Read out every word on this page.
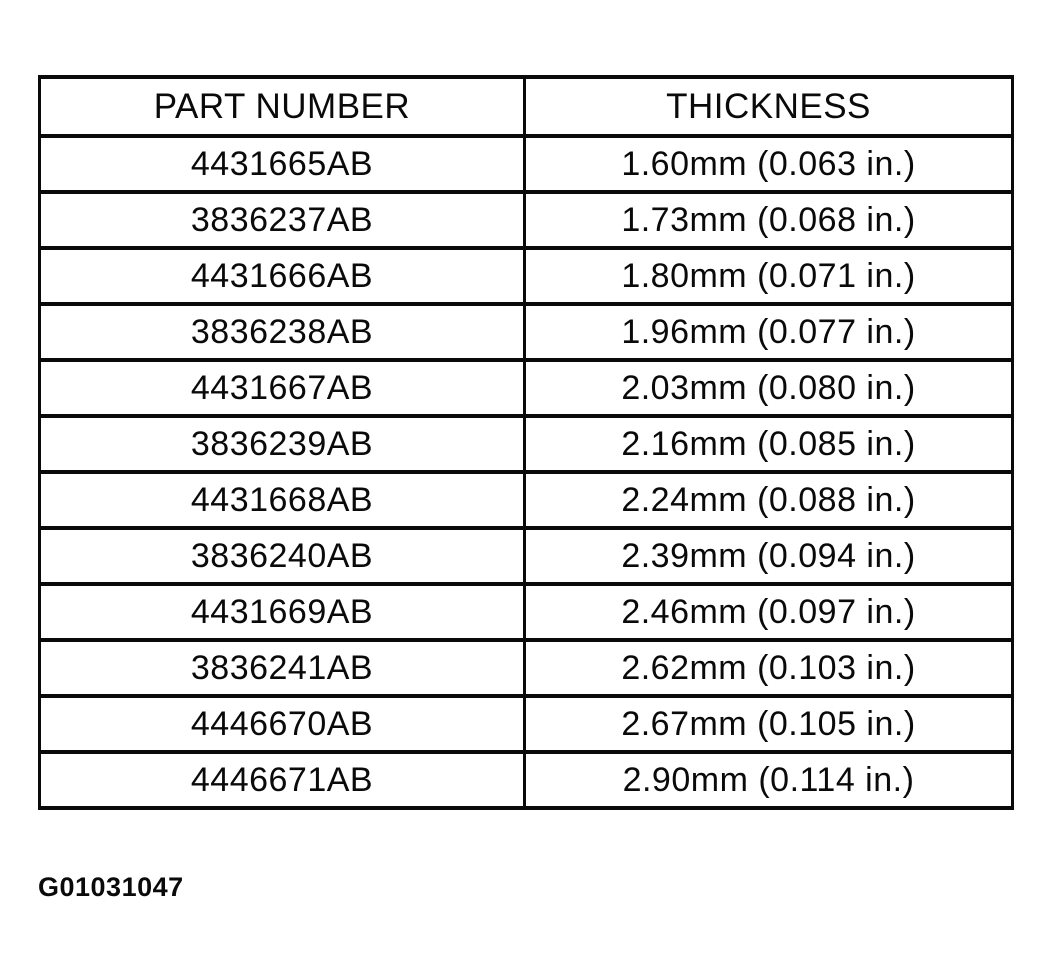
PART NUMBER	THICKNESS
4431665AB	1.60mm (0.063 in.)
3836237AB	1.73mm (0.068 in.)
4431666AB	1.80mm (0.071 in.)
3836238AB	1.96mm (0.077 in.)
4431667AB	2.03mm (0.080 in.)
3836239AB	2.16mm (0.085 in.)
4431668AB	2.24mm (0.088 in.)
3836240AB	2.39mm (0.094 in.)
4431669AB	2.46mm (0.097 in.)
3836241AB	2.62mm (0.103 in.)
4446670AB	2.67mm (0.105 in.)
4446671AB	2.90mm (0.114 in.)
G01031047
